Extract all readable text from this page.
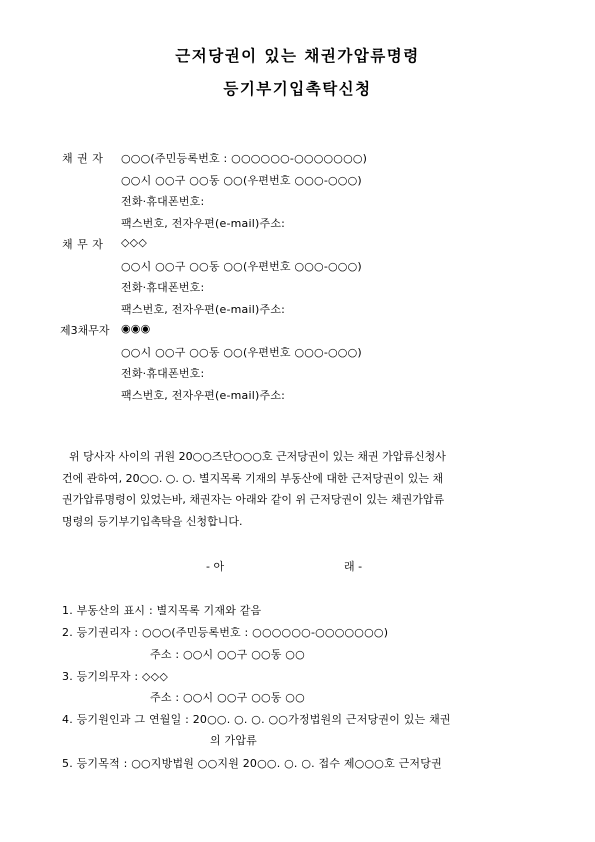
근저당권이 있는 채권가압류명령
등기부기입촉탁신청
채 권 자 ○○○(주민등록번호 : ○○○○○○-○○○○○○○)
○○시 ○○구 ○○동 ○○(우편번호 ○○○-○○○)
전화·휴대폰번호:
팩스번호, 전자우편(e-mail)주소:
채 무 자 ◇◇◇
○○시 ○○구 ○○동 ○○(우편번호 ○○○-○○○)
전화·휴대폰번호:
팩스번호, 전자우편(e-mail)주소:
제3채무자 ◉◉◉
○○시 ○○구 ○○동 ○○(우편번호 ○○○-○○○)
전화·휴대폰번호:
팩스번호, 전자우편(e-mail)주소:
위 당사자 사이의 귀원 20○○즈단○○○호 근저당권이 있는 채권 가압류신청사
건에 관하여, 20○○. ○. ○. 별지목록 기재의 부동산에 대한 근저당권이 있는 채
권가압류명령이 있었는바, 채권자는 아래와 같이 위 근저당권이 있는 채권가압류
명령의 등기부기입촉탁을 신청합니다.
- 아	래 -
1. 부동산의 표시 : 별지목록 기재와 같음
2. 등기권리자 : ○○○(주민등록번호 : ○○○○○○-○○○○○○○)
주소 : ○○시 ○○구 ○○동 ○○
3. 등기의무자 : ◇◇◇
주소 : ○○시 ○○구 ○○동 ○○
4. 등기원인과 그 연월일 : 20○○. ○. ○. ○○가정법원의 근저당권이 있는 채권
의 가압류
5. 등기목적 : ○○지방법원 ○○지원 20○○. ○. ○. 접수 제○○○호 근저당권
